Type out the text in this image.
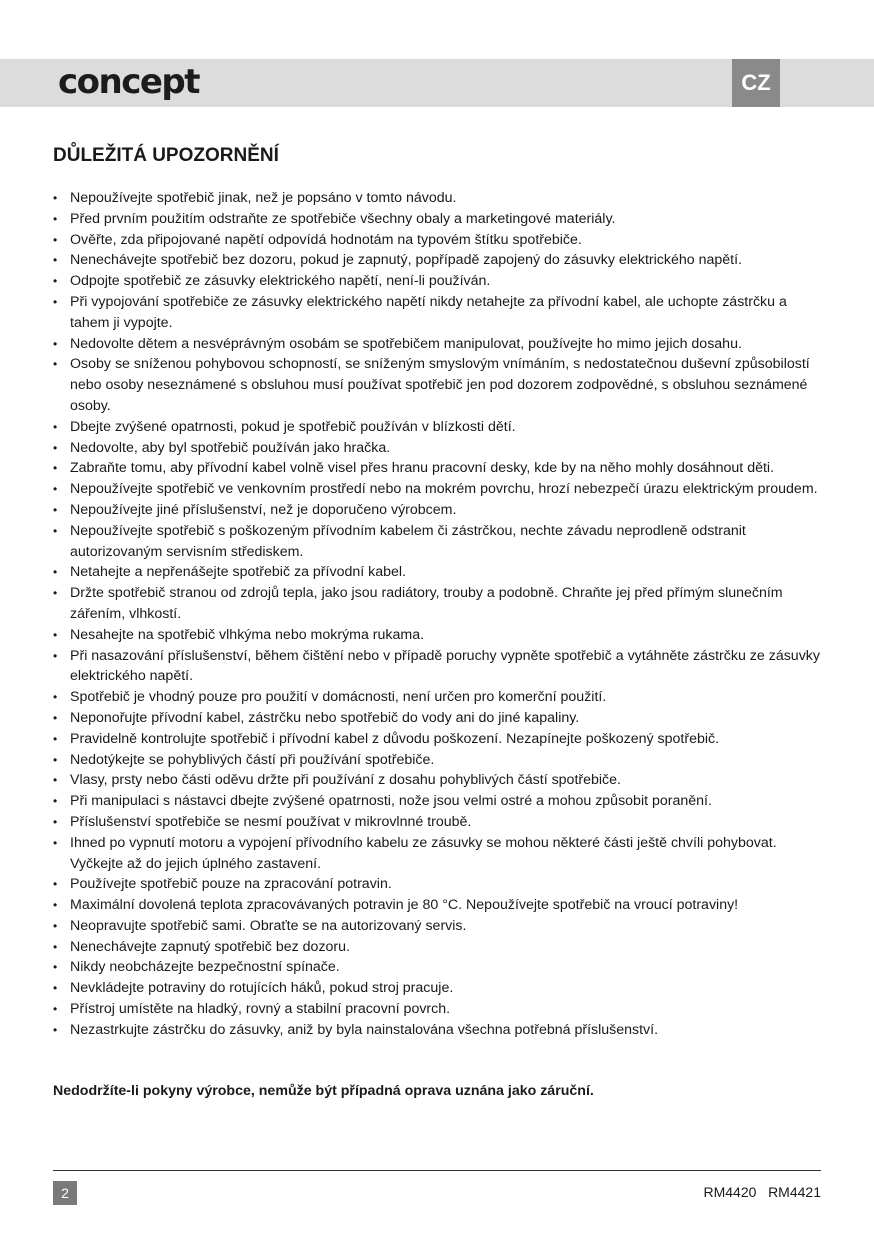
concept	CZ
DŮLEŽITÁ UPOZORNĚNÍ
• Nepoužívejte spotřebič jinak, než je popsáno v tomto návodu.
• Před prvním použitím odstraňte ze spotřebiče všechny obaly a marketingové materiály.
• Ověřte, zda připojované napětí odpovídá hodnotám na typovém štítku spotřebiče.
• Nenechávejte spotřebič bez dozoru, pokud je zapnutý, popřípadě zapojený do zásuvky elektrického napětí.
• Odpojte spotřebič ze zásuvky elektrického napětí, není-li používán.
• Při vypojování spotřebiče ze zásuvky elektrického napětí nikdy netahejte za přívodní kabel, ale uchopte zástrčku a tahem ji vypojte.
• Nedovolte dětem a nesvéprávným osobám se spotřebičem manipulovat, používejte ho mimo jejich dosahu.
• Osoby se sníženou pohybovou schopností, se sníženým smyslovým vnímáním, s nedostatečnou duševní způsobilostí nebo osoby neseznámené s obsluhou musí používat spotřebič jen pod dozorem zodpovědné, s obsluhou seznámené osoby.
• Dbejte zvýšené opatrnosti, pokud je spotřebič používán v blízkosti dětí.
• Nedovolte, aby byl spotřebič používán jako hračka.
• Zabraňte tomu, aby přívodní kabel volně visel přes hranu pracovní desky, kde by na něho mohly dosáhnout děti.
• Nepoužívejte spotřebič ve venkovním prostředí nebo na mokrém povrchu, hrozí nebezpečí úrazu elektrickým proudem.
• Nepoužívejte jiné příslušenství, než je doporučeno výrobcem.
• Nepoužívejte spotřebič s poškozeným přívodním kabelem či zástrčkou, nechte závadu neprodleně odstranit autorizovaným servisním střediskem.
• Netahejte a nepřenášejte spotřebič za přívodní kabel.
• Držte spotřebič stranou od zdrojů tepla, jako jsou radiátory, trouby a podobně. Chraňte jej před přímým slunečním zářením, vlhkostí.
• Nesahejte na spotřebič vlhkýma nebo mokrýma rukama.
• Při nasazování příslušenství, během čištění nebo v případě poruchy vypněte spotřebič a vytáhněte zástrčku ze zásuvky elektrického napětí.
• Spotřebič je vhodný pouze pro použití v domácnosti, není určen pro komerční použití.
• Neponořujte přívodní kabel, zástrčku nebo spotřebič do vody ani do jiné kapaliny.
• Pravidelně kontrolujte spotřebič i přívodní kabel z důvodu poškození. Nezapínejte poškozený spotřebič.
• Nedotýkejte se pohyblivých částí při používání spotřebiče.
• Vlasy, prsty nebo části oděvu držte při používání z dosahu pohyblivých částí spotřebiče.
• Při manipulaci s nástavci dbejte zvýšené opatrnosti, nože jsou velmi ostré a mohou způsobit poranění.
• Příslušenství spotřebiče se nesmí používat v mikrovlnné troubě.
• Ihned po vypnutí motoru a vypojení přívodního kabelu ze zásuvky se mohou některé části ještě chvíli pohybovat. Vyčkejte až do jejich úplného zastavení.
• Používejte spotřebič pouze na zpracování potravin.
• Maximální dovolená teplota zpracovávaných potravin je 80 °C. Nepoužívejte spotřebič na vroucí potraviny!
• Neopravujte spotřebič sami. Obraťte se na autorizovaný servis.
• Nenechávejte zapnutý spotřebič bez dozoru.
• Nikdy neobcházejte bezpečnostní spínače.
• Nevkládejte potraviny do rotujících háků, pokud stroj pracuje.
• Přístroj umístěte na hladký, rovný a stabilní pracovní povrch.
• Nezastrkujte zástrčku do zásuvky, aniž by byla nainstalována všechna potřebná příslušenství.

Nedodržíte-li pokyny výrobce, nemůže být případná oprava uznána jako záruční.

2	RM4420   RM4421
